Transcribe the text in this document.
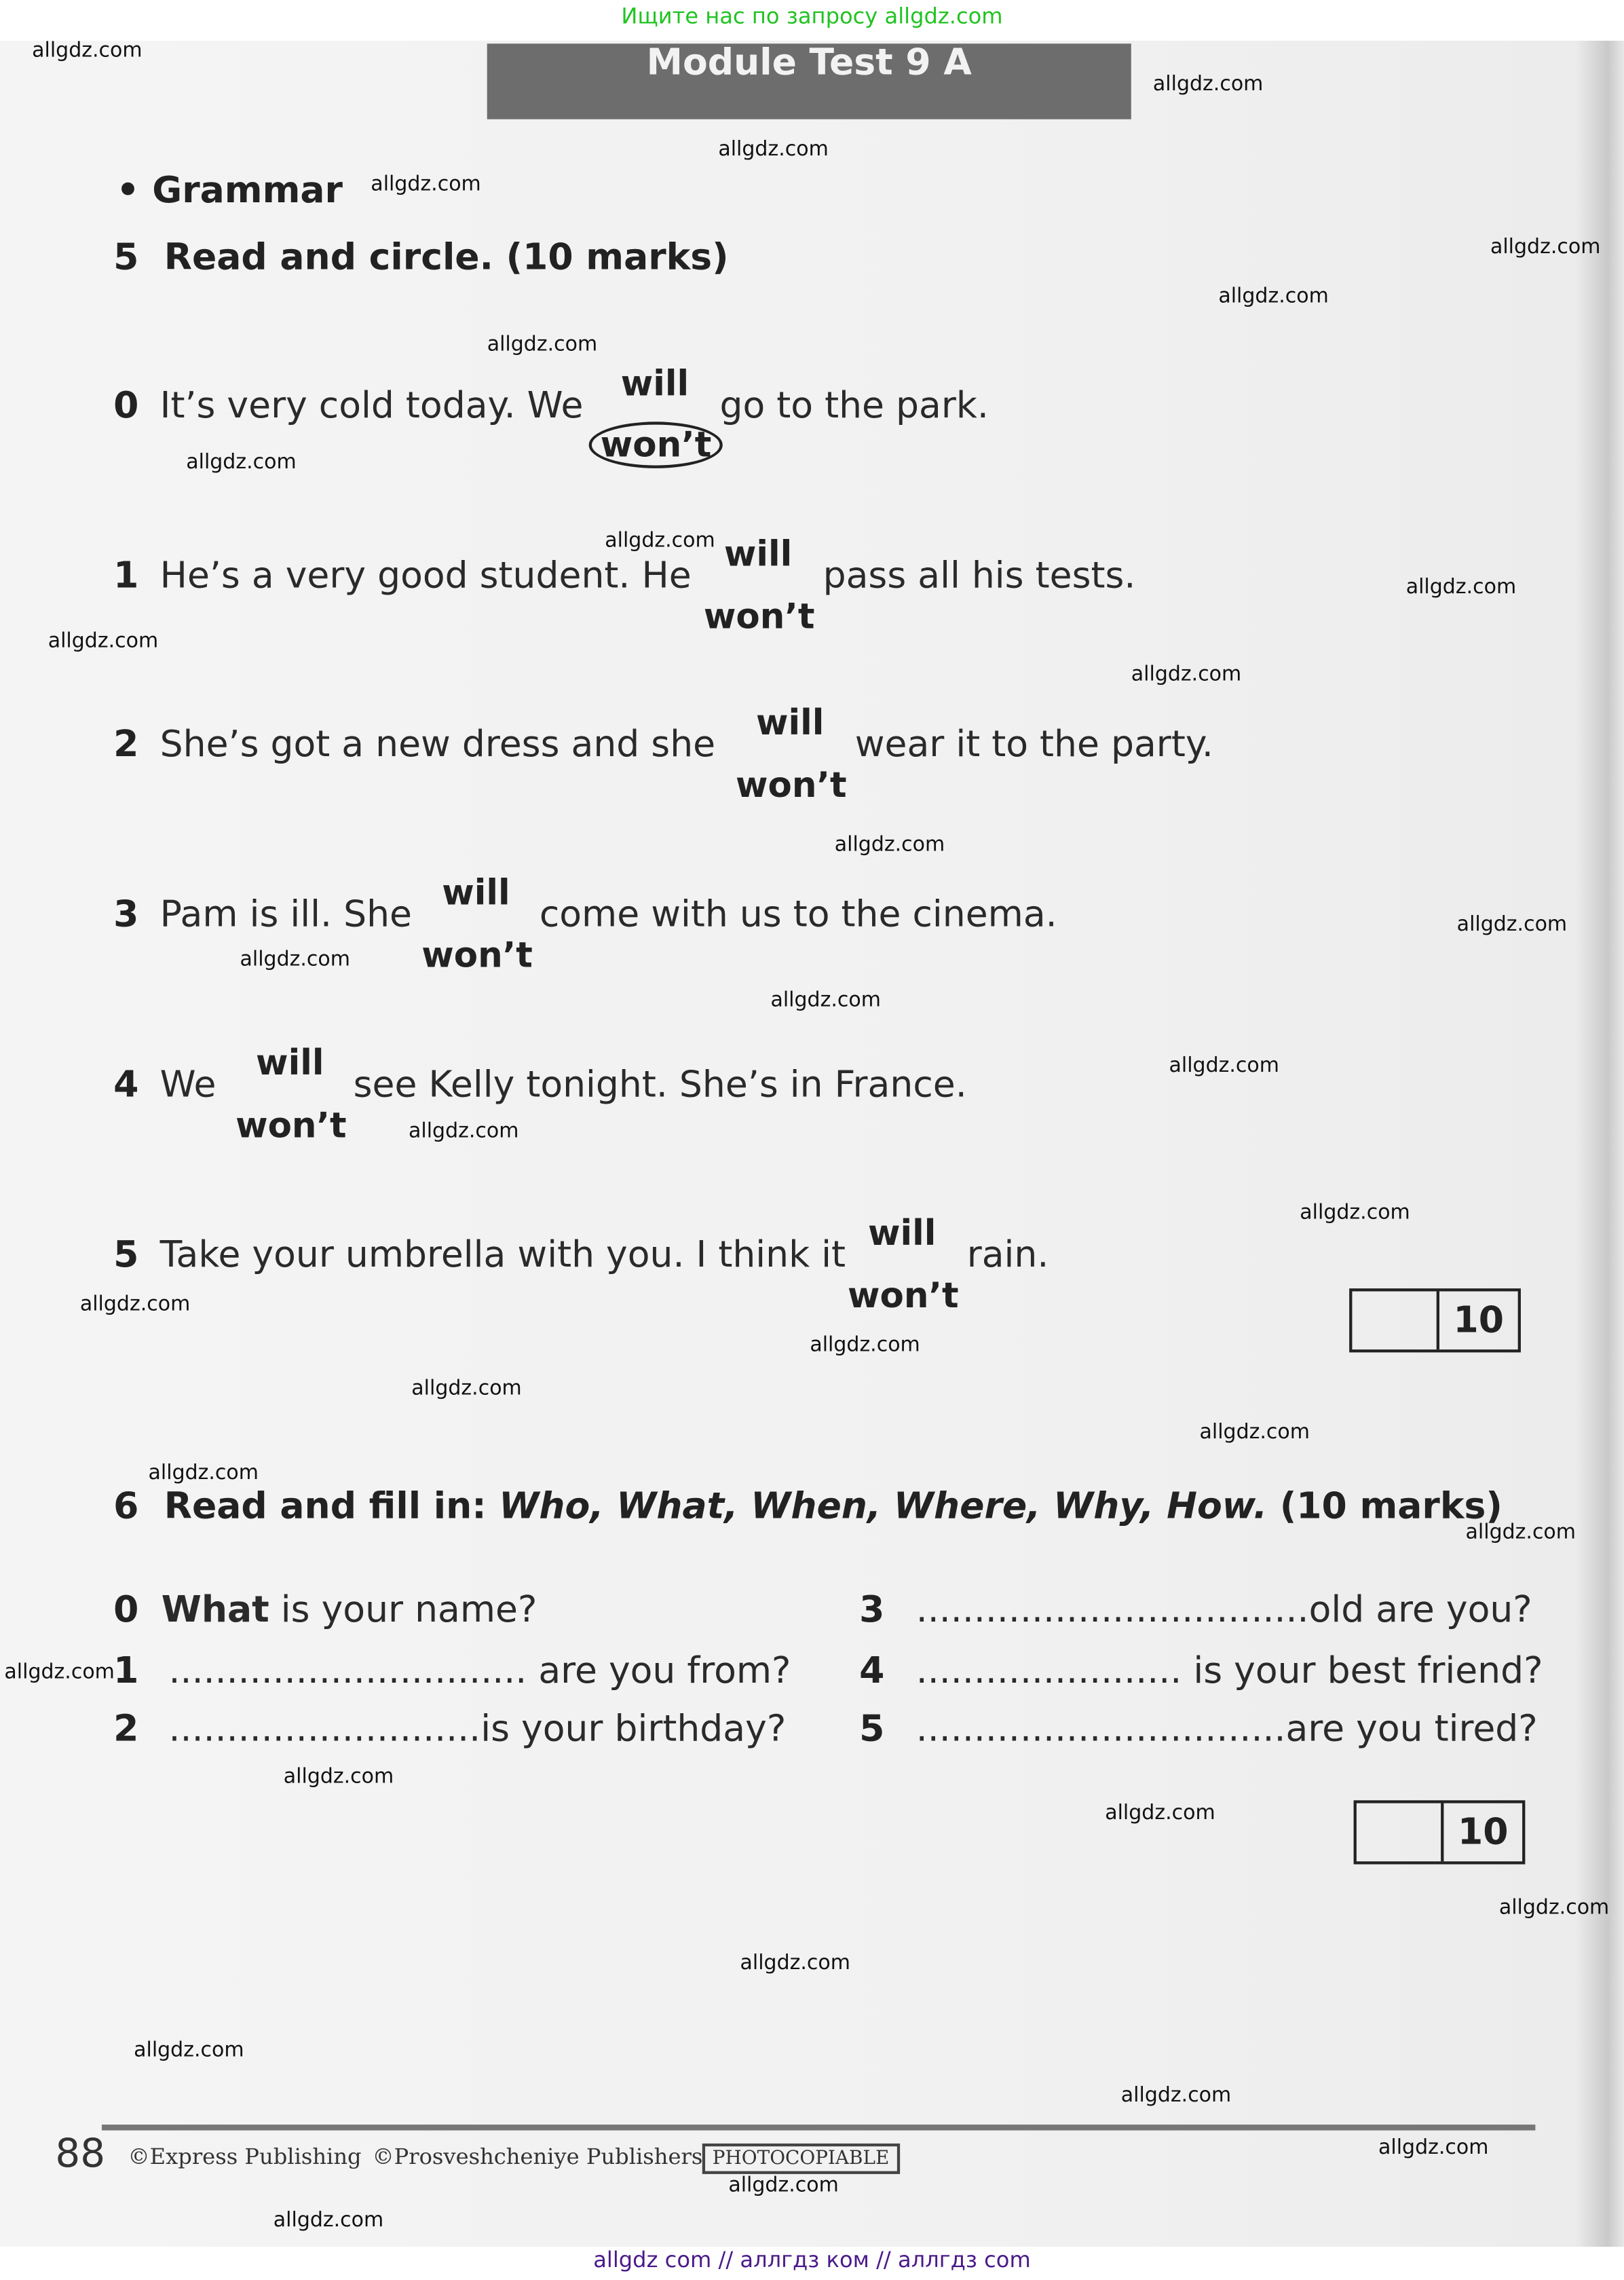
Ищите нас по запросу allgdz.com
Module Test 9 A
• Grammar
5 Read and circle. (10 marks)
0 It’s very cold today. We will
won’t
go to the park.
1 He’s a very good student. He will
won’t
pass all his tests.
2 She’s got a new dress and she
will
won’t
wear it to the party.
3 Pam is ill. She will
won’t
come with us to the cinema.
4 We will
won’t
see Kelly tonight. She’s in France.
5 Take your umbrella with you. I think it
will
won’t
rain.
10
6 Read and fill in: Who, What, When, Where, Why, How. (10 marks)
0 What is your name?
1 ............................... are you from?
2 ...........................is your birthday?
3 ..................................old are you?
4 ....................... is your best friend?
5 ................................are you tired?
10
88 ©Express Publishing ©Prosveshcheniye Publishers	PHOTOCOPIABLE
allgdz com // аллгдз ком // аллгдз com
allgdz.com
allgdz.com
allgdz.com
allgdz.com
allgdz.com
allgdz.com
allgdz.com
allgdz.com
allgdz.com
allgdz.com
allgdz.com
allgdz.com
allgdz.com
allgdz.com
allgdz.com
allgdz.com
allgdz.com
allgdz.com
allgdz.com
allgdz.com
allgdz.com
allgdz.com
allgdz.com
allgdz.com
allgdz.com
allgdz.com
allgdz.com
allgdz.com
allgdz.com
allgdz.com
allgdz.com
allgdz.com
allgdz.com
allgdz.com
allgdz.com
